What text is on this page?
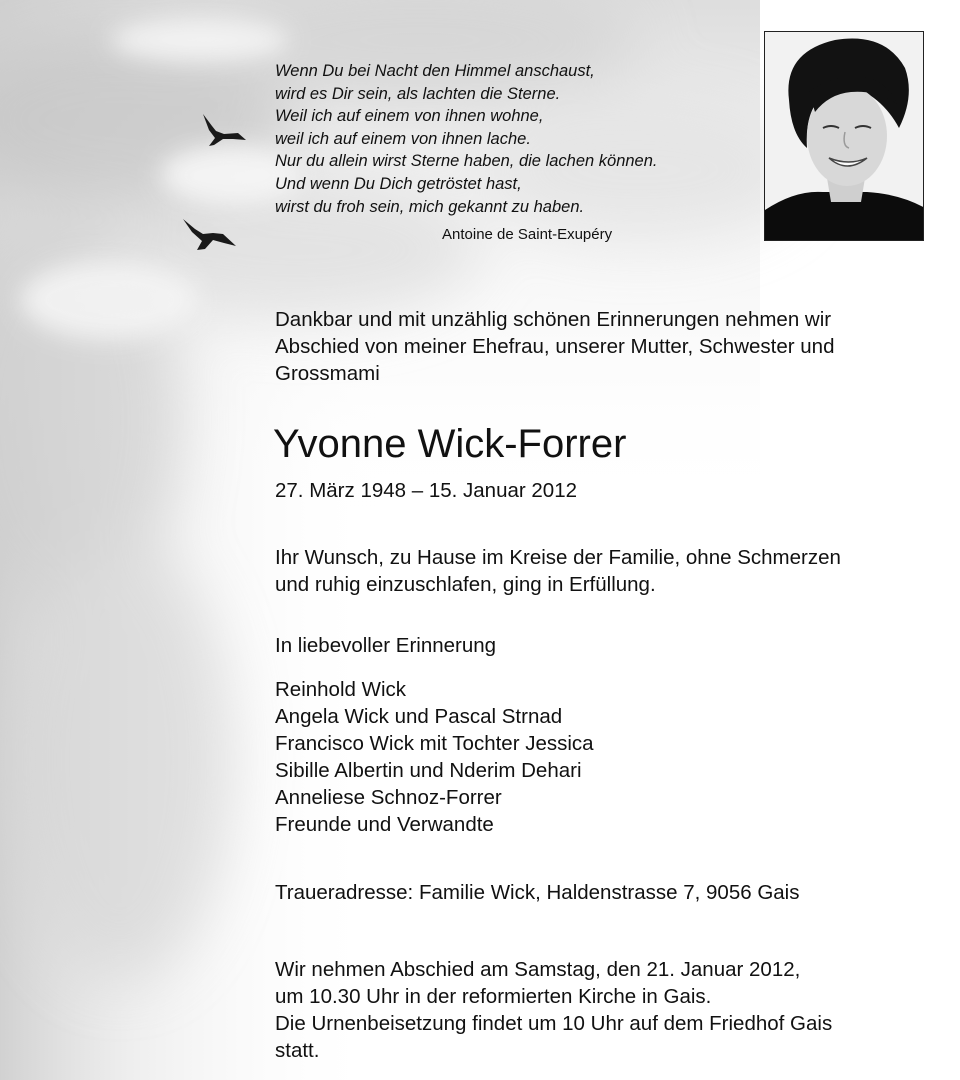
Wenn Du bei Nacht den Himmel anschaust,
wird es Dir sein, als lachten die Sterne.
Weil ich auf einem von ihnen wohne,
weil ich auf einem von ihnen lache.
Nur du allein wirst Sterne haben, die lachen können.
Und wenn Du Dich getröstet hast,
wirst du froh sein, mich gekannt zu haben.
Antoine de Saint-Exupéry
Dankbar und mit unzählig schönen Erinnerungen nehmen wir
Abschied von meiner Ehefrau, unserer Mutter, Schwester und
Grossmami
Yvonne Wick-Forrer
27. März 1948 – 15. Januar 2012
Ihr Wunsch, zu Hause im Kreise der Familie, ohne Schmerzen
und ruhig einzuschlafen, ging in Erfüllung.
In liebevoller Erinnerung
Reinhold Wick
Angela Wick und Pascal Strnad
Francisco Wick mit Tochter Jessica
Sibille Albertin und Nderim Dehari
Anneliese Schnoz-Forrer
Freunde und Verwandte
Traueradresse: Familie Wick, Haldenstrasse 7, 9056 Gais
Wir nehmen Abschied am Samstag, den 21. Januar 2012,
um 10.30 Uhr in der reformierten Kirche in Gais.
Die Urnenbeisetzung findet um 10 Uhr auf dem Friedhof Gais
statt.
